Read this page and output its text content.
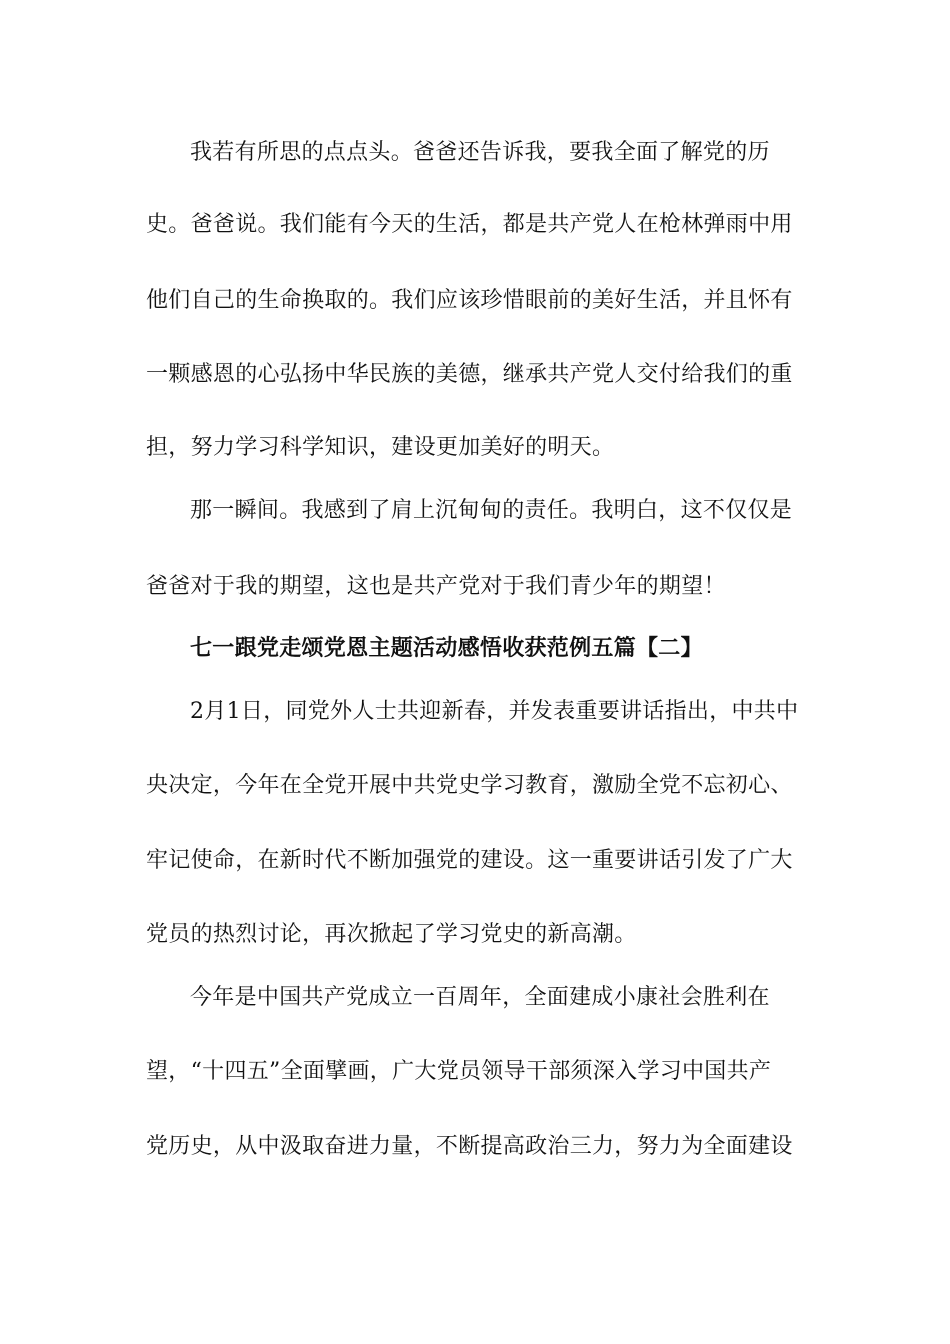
我若有所思的点点头。爸爸还告诉我，要我全面了解党的历
史。爸爸说。我们能有今天的生活，都是共产党人在枪林弹雨中用
他们自己的生命换取的。我们应该珍惜眼前的美好生活，并且怀有
一颗感恩的心弘扬中华民族的美德，继承共产党人交付给我们的重
担，努力学习科学知识，建设更加美好的明天。
那一瞬间。我感到了肩上沉甸甸的责任。我明白，这不仅仅是
爸爸对于我的期望，这也是共产党对于我们青少年的期望！
七一跟党走颂党恩主题活动感悟收获范例五篇【二】
2月1日，同党外人士共迎新春，并发表重要讲话指出，中共中
央决定，今年在全党开展中共党史学习教育，激励全党不忘初心、
牢记使命，在新时代不断加强党的建设。这一重要讲话引发了广大
党员的热烈讨论，再次掀起了学习党史的新高潮。
今年是中国共产党成立一百周年，全面建成小康社会胜利在
望，“十四五”全面擘画，广大党员领导干部须深入学习中国共产
党历史，从中汲取奋进力量，不断提高政治三力，努力为全面建设
